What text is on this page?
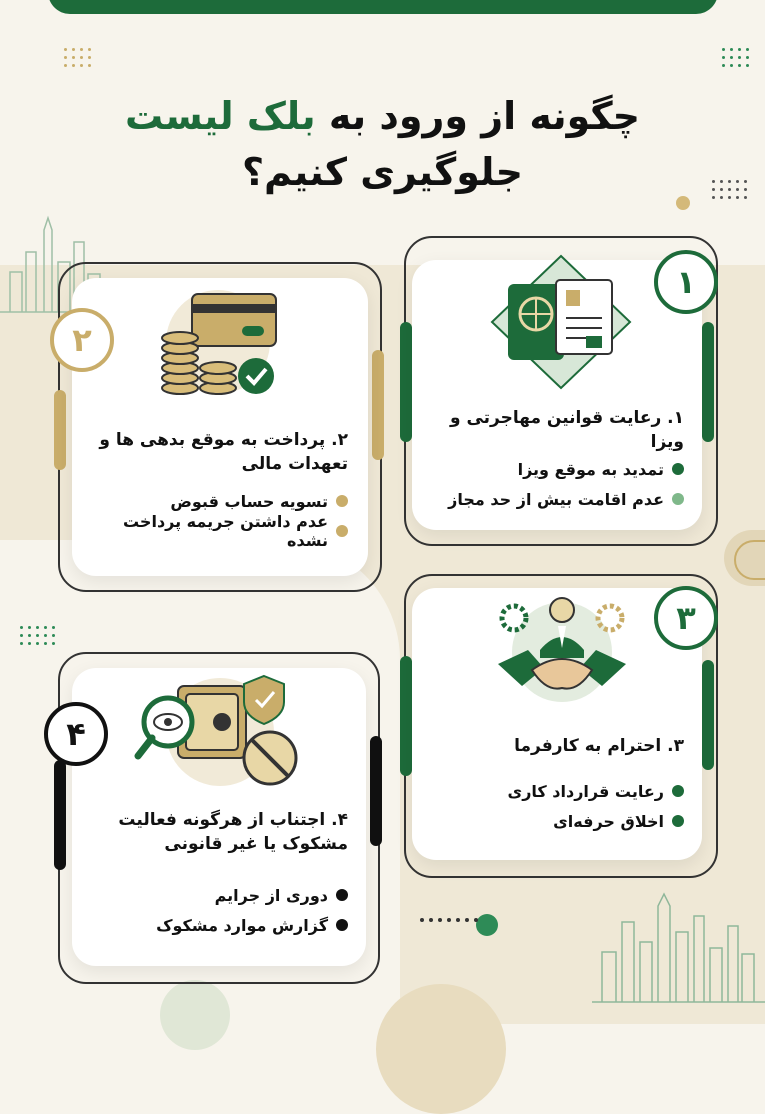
چگونه از ورود به بلک لیست
جلوگیری کنیم؟
۱. رعایت قوانین مهاجرتی و ویزا
تمدید به موقع ویزا
عدم اقامت بیش از حد مجاز
۱
۲. پرداخت به موقع بدهی ها و تعهدات مالی
تسویه حساب قبوض
عدم داشتن جریمه پرداخت نشده
۲
۳. احترام به کارفرما
رعایت قرارداد کاری
اخلاق حرفه‌ای
۳
۴. اجتناب از هرگونه فعالیت مشکوک یا غیر قانونی
دوری از جرایم
گزارش موارد مشکوک
۴
